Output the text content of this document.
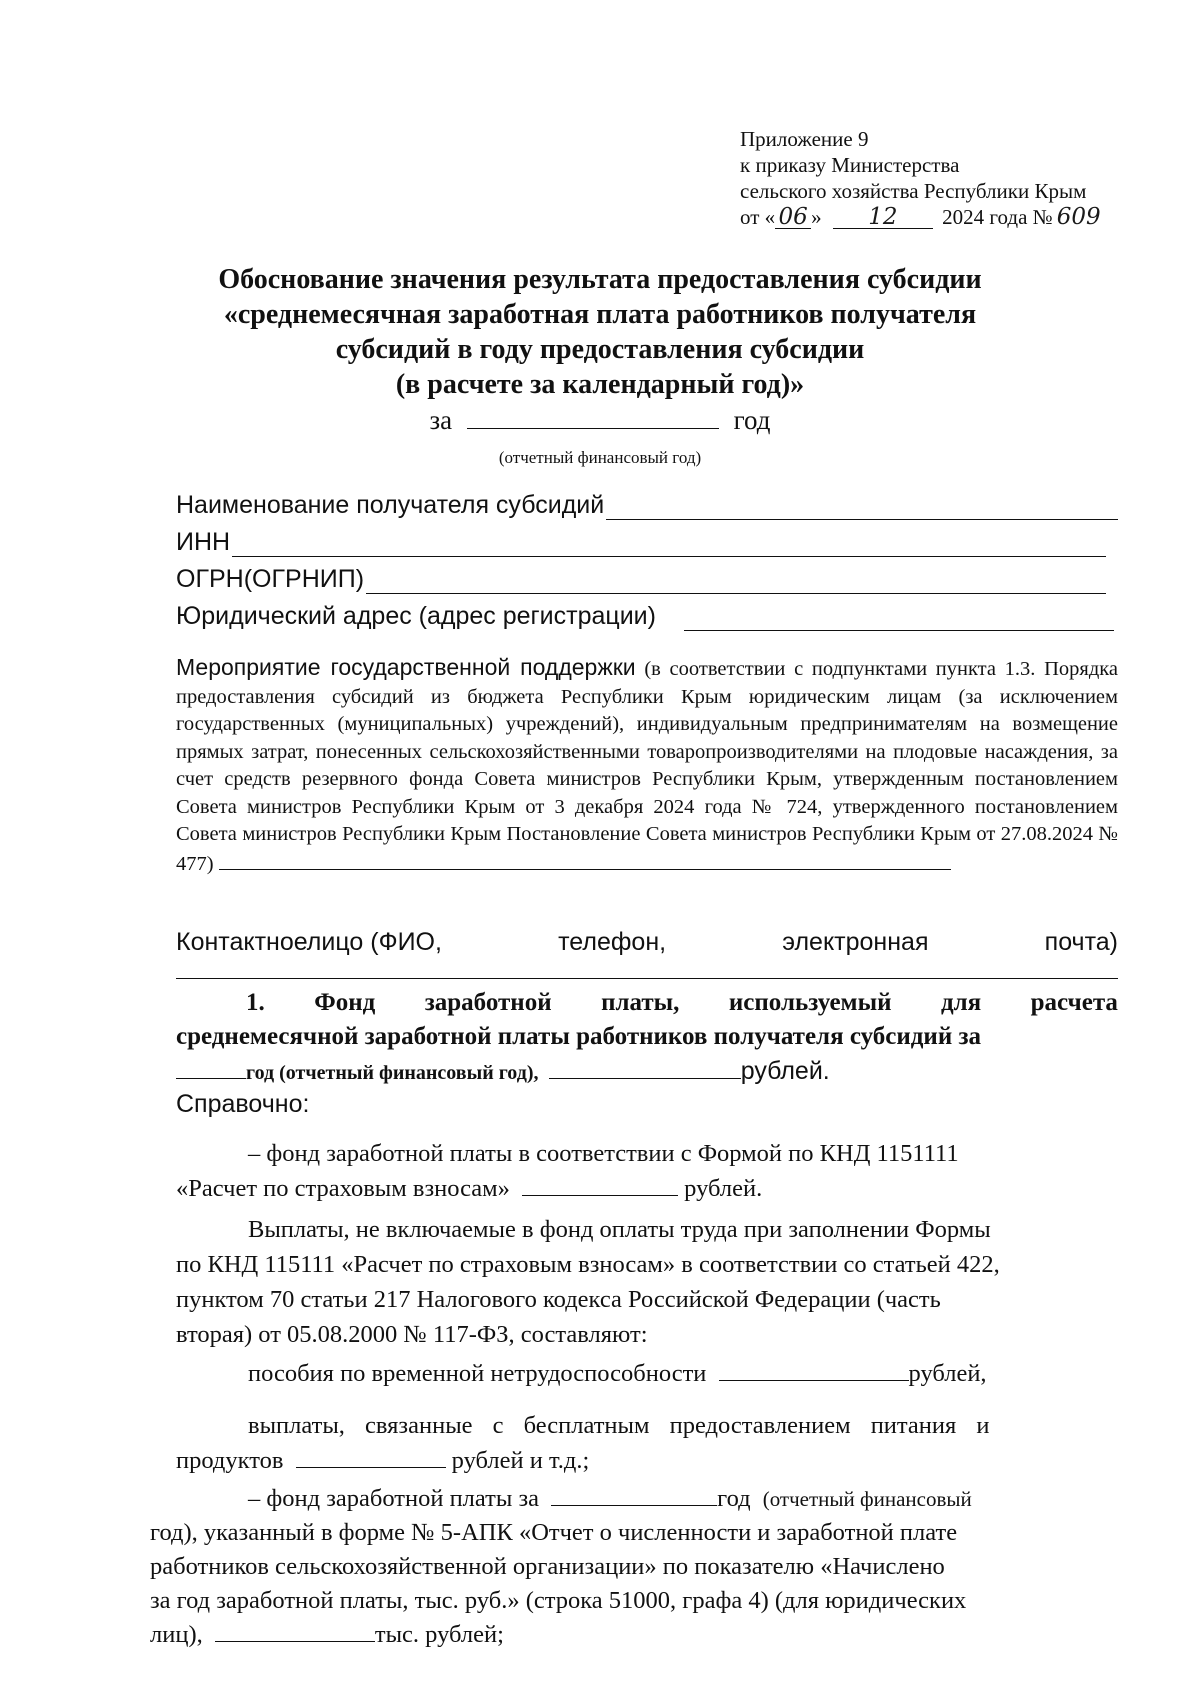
Приложение 9
к приказу Министерства
сельского хозяйства Республики Крым
от « 06 » 12 2024 года № 609
Обоснование значения результата предоставления субсидии
«среднемесячная заработная плата работников получателя
субсидий в году предоставления субсидии
(в расчете за календарный год)»
за	год
(отчетный финансовый год)
Наименование получателя субсидий
ИНН
ОГРН(ОГРНИП)
Юридический адрес (адрес регистрации)
Мероприятие государственной поддержки (в соответствии с подпунктами пункта 1.3. Порядка предоставления субсидий из бюджета Республики Крым юридическим лицам (за исключением государственных (муниципальных) учреждений), индивидуальным предпринимателям на возмещение прямых затрат, понесенных сельскохозяйственными товаропроизводителями на плодовые насаждения, за счет средств резервного фонда Совета министров Республики Крым, утвержденным постановлением Совета министров Республики Крым от 3 декабря 2024 года № 724, утвержденного постановлением Совета министров Республики Крым Постановление Совета министров Республики Крым от 27.08.2024 № 477)
Контактноелицо (ФИО,	телефон,	электронная	почта)
1. Фонд заработной платы, используемый для расчета
среднемесячной заработной платы работников получателя субсидий за
год (отчетный финансовый год),	рублей.
Справочно:
– фонд заработной платы в соответствии с Формой по КНД 1151111
«Расчет по страховым взносам»	рублей.
Выплаты, не включаемые в фонд оплаты труда при заполнении Формы
по КНД 115111 «Расчет по страховым взносам» в соответствии со статьей 422,
пунктом 70 статьи 217 Налогового кодекса Российской Федерации (часть
вторая) от 05.08.2000 № 117-ФЗ, составляют:
пособия по временной нетрудоспособности	рублей,
выплаты, связанные с бесплатным предоставлением питания и
продуктов	рублей и т.д.;
– фонд заработной платы за	год (отчетный финансовый
год), указанный в форме № 5-АПК «Отчет о численности и заработной плате
работников сельскохозяйственной организации» по показателю «Начислено
за год заработной платы, тыс. руб.» (строка 51000, графа 4) (для юридических
лиц),	тыс. рублей;
